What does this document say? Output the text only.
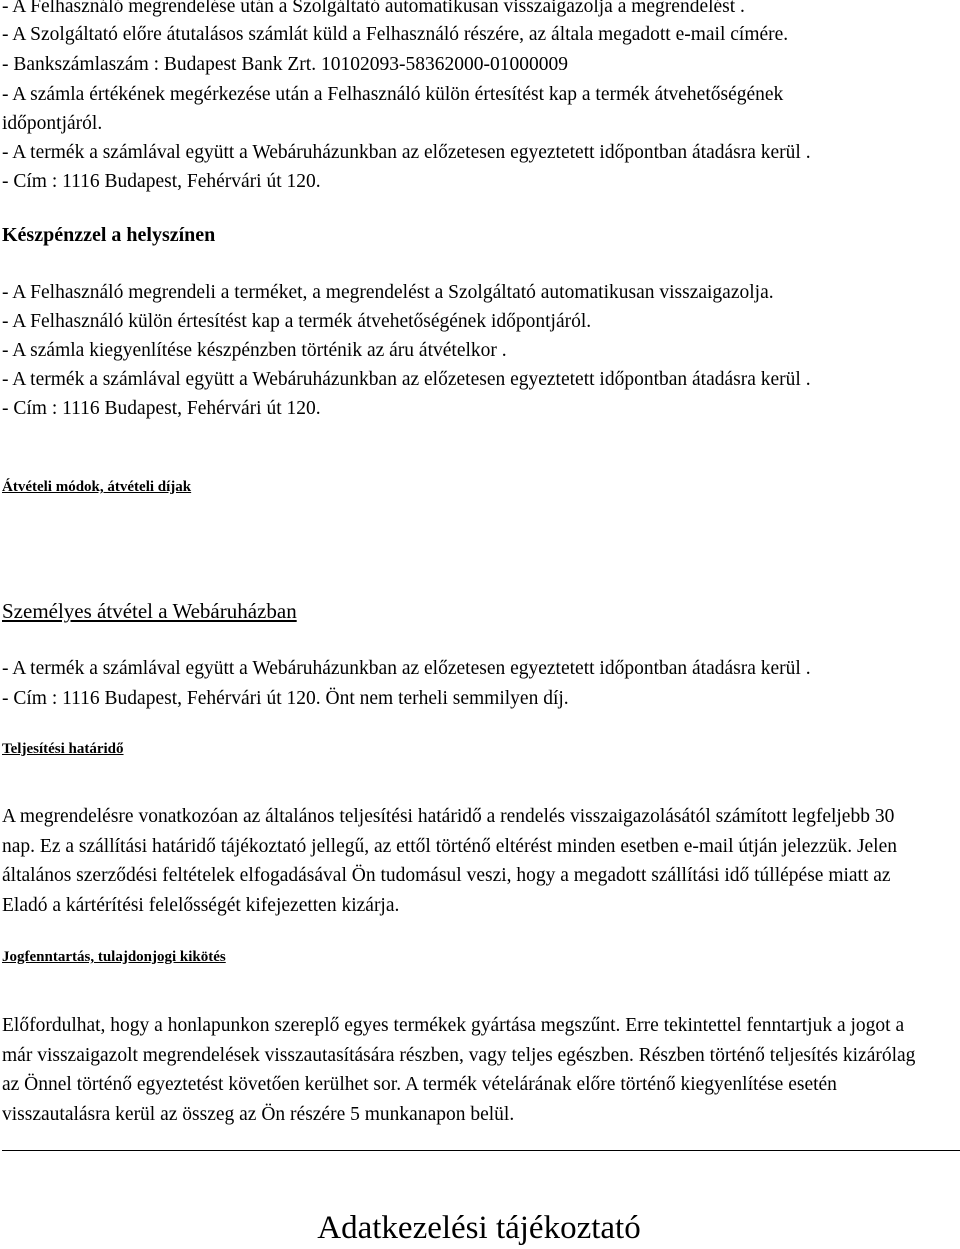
- A Felhasználó megrendelése után a Szolgáltató automatikusan visszaigazolja a megrendelést .
- A Szolgáltató előre átutalásos számlát küld a Felhasználó részére, az általa megadott e-mail címére.
- Bankszámlaszám : Budapest Bank Zrt. 10102093-58362000-01000009
- A számla értékének megérkezése után a Felhasználó külön értesítést kap a termék átvehetőségének
időpontjáról.
- A termék a számlával együtt a Webáruházunkban az előzetesen egyeztetett időpontban átadásra kerül .
- Cím : 1116 Budapest, Fehérvári út 120.
Készpénzzel a helyszínen
- A Felhasználó megrendeli a terméket, a megrendelést a Szolgáltató automatikusan visszaigazolja.
- A Felhasználó külön értesítést kap a termék átvehetőségének időpontjáról.
- A számla kiegyenlítése készpénzben történik az áru átvételkor .
- A termék a számlával együtt a Webáruházunkban az előzetesen egyeztetett időpontban átadásra kerül .
- Cím : 1116 Budapest, Fehérvári út 120.
Átvételi módok, átvételi díjak
Személyes átvétel a Webáruházban
- A termék a számlával együtt a Webáruházunkban az előzetesen egyeztetett időpontban átadásra kerül .
- Cím : 1116 Budapest, Fehérvári út 120. Önt nem terheli semmilyen díj.
Teljesítési határidő
A megrendelésre vonatkozóan az általános teljesítési határidő a rendelés visszaigazolásától számított legfeljebb 30 nap. Ez a szállítási határidő tájékoztató jellegű, az ettől történő eltérést minden esetben e-mail útján jelezzük. Jelen általános szerződési feltételek elfogadásával Ön tudomásul veszi, hogy a megadott szállítási idő túllépése miatt az Eladó a kártérítési felelősségét kifejezetten kizárja.
Jogfenntartás, tulajdonjogi kikötés
Előfordulhat, hogy a honlapunkon szereplő egyes termékek gyártása megszűnt. Erre tekintettel fenntartjuk a jogot a már visszaigazolt megrendelések visszautasítására részben, vagy teljes egészben. Részben történő teljesítés kizárólag az Önnel történő egyeztetést követően kerülhet sor. A termék vételárának előre történő kiegyenlítése esetén visszautalásra kerül az összeg az Ön részére 5 munkanapon belül.
Adatkezelési tájékoztató
